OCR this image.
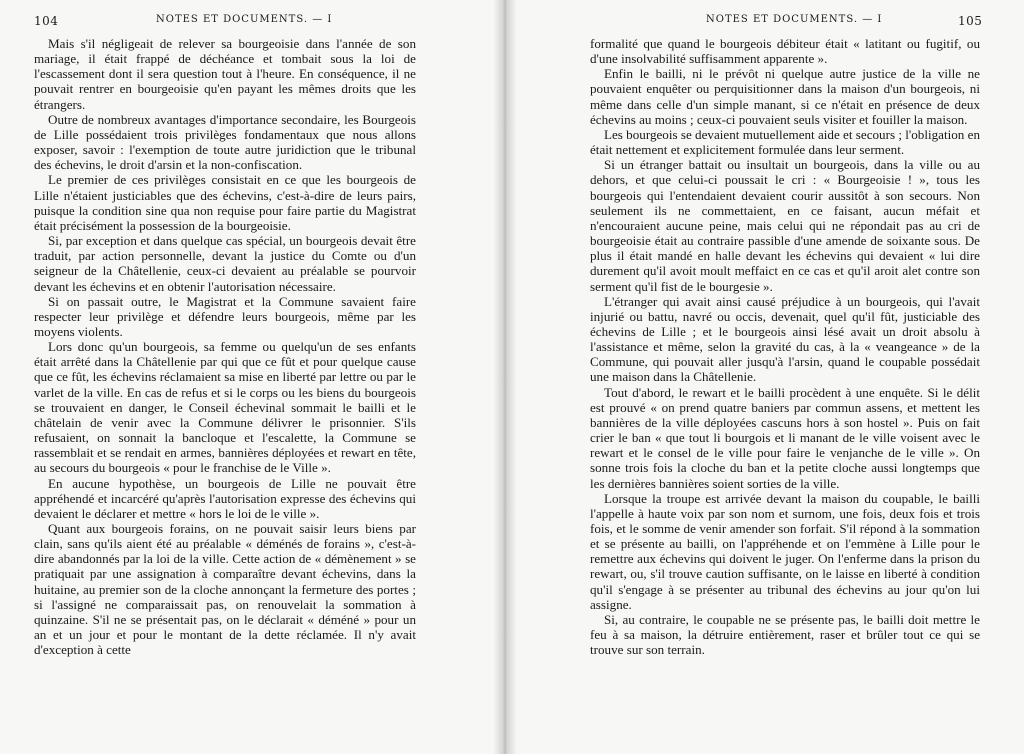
104	NOTES ET DOCUMENTS. — I

Mais s'il négligeait de relever sa bourgeoisie dans l'année de son mariage, il était frappé de déchéance et tombait sous la loi de l'escassement dont il sera question tout à l'heure. En conséquence, il ne pouvait rentrer en bourgeoisie qu'en payant les mêmes droits que les étrangers.

Outre de nombreux avantages d'importance secondaire, les Bourgeois de Lille possédaient trois privilèges fondamentaux que nous allons exposer, savoir : l'exemption de toute autre juridiction que le tribunal des échevins, le droit d'arsin et la non-confiscation.

Le premier de ces privilèges consistait en ce que les bourgeois de Lille n'étaient justiciables que des échevins, c'est-à-dire de leurs pairs, puisque la condition sine qua non requise pour faire partie du Magistrat était précisément la possession de la bourgeoisie.

Si, par exception et dans quelque cas spécial, un bourgeois devait être traduit, par action personnelle, devant la justice du Comte ou d'un seigneur de la Châtellenie, ceux-ci devaient au préalable se pourvoir devant les échevins et en obtenir l'autorisation nécessaire.

Si on passait outre, le Magistrat et la Commune savaient faire respecter leur privilège et défendre leurs bourgeois, même par les moyens violents.

Lors donc qu'un bourgeois, sa femme ou quelqu'un de ses enfants était arrêté dans la Châtellenie par qui que ce fût et pour quelque cause que ce fût, les échevins réclamaient sa mise en liberté par lettre ou par le varlet de la ville. En cas de refus et si le corps ou les biens du bourgeois se trouvaient en danger, le Conseil échevinal sommait le bailli et le châtelain de venir avec la Commune délivrer le prisonnier. S'ils refusaient, on sonnait la bancloque et l'escalette, la Commune se rassemblait et se rendait en armes, bannières déployées et rewart en tête, au secours du bourgeois « pour le franchise de le Ville ».

En aucune hypothèse, un bourgeois de Lille ne pouvait être appréhendé et incarcéré qu'après l'autorisation expresse des échevins qui devaient le déclarer et mettre « hors le loi de le ville ».

Quant aux bourgeois forains, on ne pouvait saisir leurs biens par clain, sans qu'ils aient été au préalable « déménés de forains », c'est-à-dire abandonnés par la loi de la ville. Cette action de « démènement » se pratiquait par une assignation à comparaître devant échevins, dans la huitaine, au premier son de la cloche annonçant la fermeture des portes ; si l'assigné ne comparaissait pas, on renouvelait la sommation à quinzaine. S'il ne se présentait pas, on le déclarait « déméné » pour un an et un jour et pour le montant de la dette réclamée. Il n'y avait d'exception à cette

NOTES ET DOCUMENTS. — I	105

formalité que quand le bourgeois débiteur était « latitant ou fugitif, ou d'une insolvabilité suffisamment apparente ».

Enfin le bailli, ni le prévôt ni quelque autre justice de la ville ne pouvaient enquêter ou perquisitionner dans la maison d'un bourgeois, ni même dans celle d'un simple manant, si ce n'était en présence de deux échevins au moins ; ceux-ci pouvaient seuls visiter et fouiller la maison.

Les bourgeois se devaient mutuellement aide et secours ; l'obligation en était nettement et explicitement formulée dans leur serment.

Si un étranger battait ou insultait un bourgeois, dans la ville ou au dehors, et que celui-ci poussait le cri : « Bourgeoisie ! », tous les bourgeois qui l'entendaient devaient courir aussitôt à son secours. Non seulement ils ne commettaient, en ce faisant, aucun méfait et n'encouraient aucune peine, mais celui qui ne répondait pas au cri de bourgeoisie était au contraire passible d'une amende de soixante sous. De plus il était mandé en halle devant les échevins qui devaient « lui dire durement qu'il avoit moult meffaict en ce cas et qu'il aroit alet contre son serment qu'il fist de le bourgesie ».

L'étranger qui avait ainsi causé préjudice à un bourgeois, qui l'avait injurié ou battu, navré ou occis, devenait, quel qu'il fût, justiciable des échevins de Lille ; et le bourgeois ainsi lésé avait un droit absolu à l'assistance et même, selon la gravité du cas, à la « veangeance » de la Commune, qui pouvait aller jusqu'à l'arsin, quand le coupable possédait une maison dans la Châtellenie.

Tout d'abord, le rewart et le bailli procèdent à une enquête. Si le délit est prouvé « on prend quatre baniers par commun assens, et mettent les bannières de la ville déployées cascuns hors à son hostel ». Puis on fait crier le ban « que tout li bourgois et li manant de le ville voisent avec le rewart et le consel de le ville pour faire le venjanche de le ville ». On sonne trois fois la cloche du ban et la petite cloche aussi longtemps que les dernières bannières soient sorties de la ville.

Lorsque la troupe est arrivée devant la maison du coupable, le bailli l'appelle à haute voix par son nom et surnom, une fois, deux fois et trois fois, et le somme de venir amender son forfait. S'il répond à la sommation et se présente au bailli, on l'appréhende et on l'emmène à Lille pour le remettre aux échevins qui doivent le juger. On l'enferme dans la prison du rewart, ou, s'il trouve caution suffisante, on le laisse en liberté à condition qu'il s'engage à se présenter au tribunal des échevins au jour qu'on lui assigne.

Si, au contraire, le coupable ne se présente pas, le bailli doit mettre le feu à sa maison, la détruire entièrement, raser et brûler tout ce qui se trouve sur son terrain.
